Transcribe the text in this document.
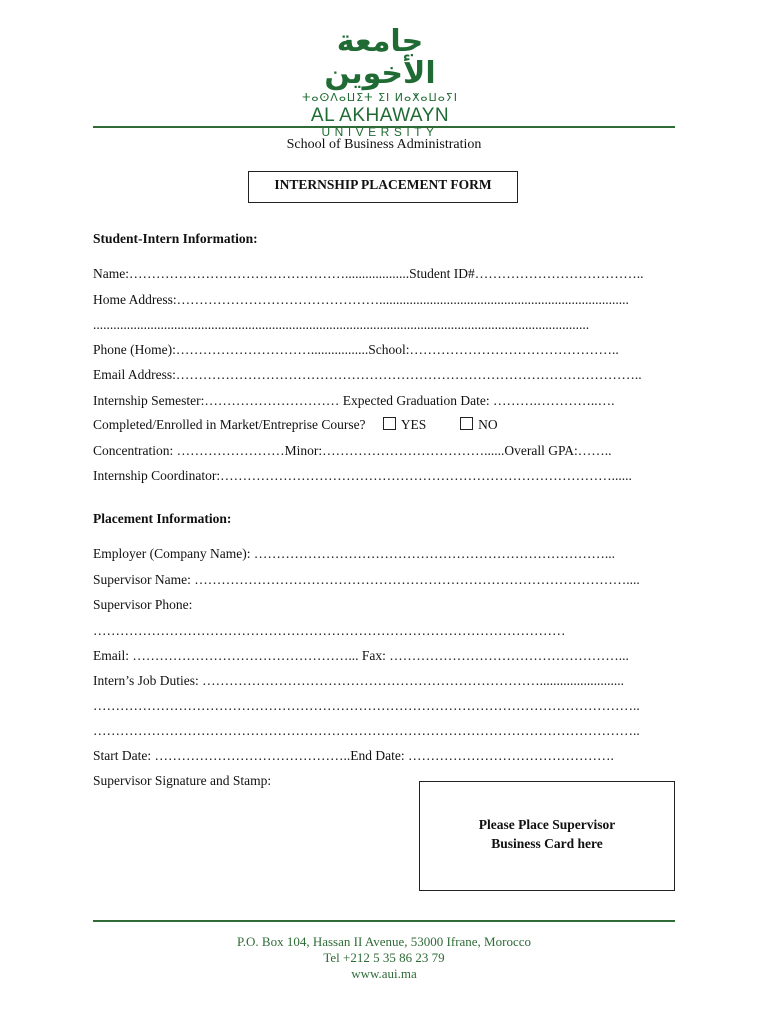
جامعة الأخوين
ⵜⴰⵙⴷⴰⵡⵉⵜ ⵉⵏ ⵍⴰⵅⴰⵡⴰⵢⵏ
AL AKHAWAYN
UNIVERSITY
School of Business Administration
INTERNSHIP PLACEMENT FORM
Student-Intern Information:
Name:…………………………………………...................Student ID#………………………………..
Home Address:………………………………………..........................................................................
...................................................................................................................................................
Phone (Home):………………………….................School:………………………………………..
Email Address:…………………………………………………………………………………………..
Internship Semester:………………………… Expected Graduation Date: ……….…………..….
Completed/Enrolled in Market/Entreprise Course?	YES	NO
Concentration: ……………………Minor:………………………………......Overall GPA:……..
Internship Coordinator:……………………………………………………………………………......
Placement Information:
Employer (Company Name): ……………………………………………………………………...
Supervisor Name: ……………………………………………………………………………………....
Supervisor Phone:
……………………………………………………………………………………………
Email: …………………………………………... Fax: ……………………………………………...
Intern’s Job Duties: ………………………………………………………………….........................
…………………………………………………………………………………………………………..
…………………………………………………………………………………………………………..
Start Date: ……………………………………..End Date: ……………………………………….
Supervisor Signature and Stamp:
Please Place Supervisor
Business Card here
P.O. Box 104, Hassan II Avenue, 53000 Ifrane, Morocco
Tel +212 5 35 86 23 79
www.aui.ma
